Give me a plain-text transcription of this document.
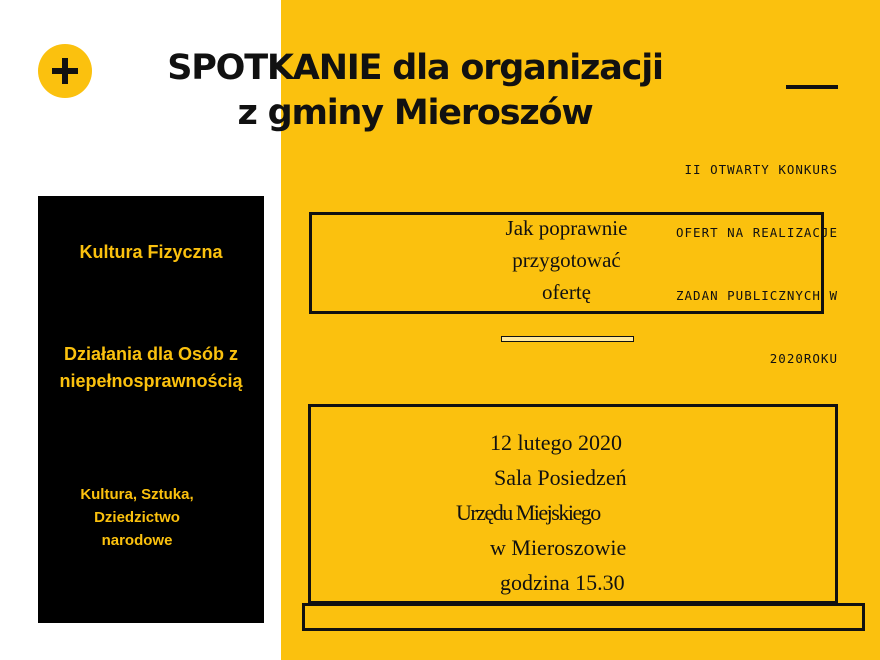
SPOTKANIE dla organizacji
z gminy Mieroszów

II OTWARTY KONKURS

OFERT NA REALIZACJE

ZADAN PUBLICZNYCH W

2020ROKU

Kultura Fizyczna
Działania dla Osób z
niepełnosprawnością
Kultura, Sztuka,
Dziedzictwo
narodowe
Jak poprawnie
przygotować
ofertę
12 lutego 2020
Sala Posiedzeń
Urzędu Miejskiego
w Mieroszowie
godzina 15.30
